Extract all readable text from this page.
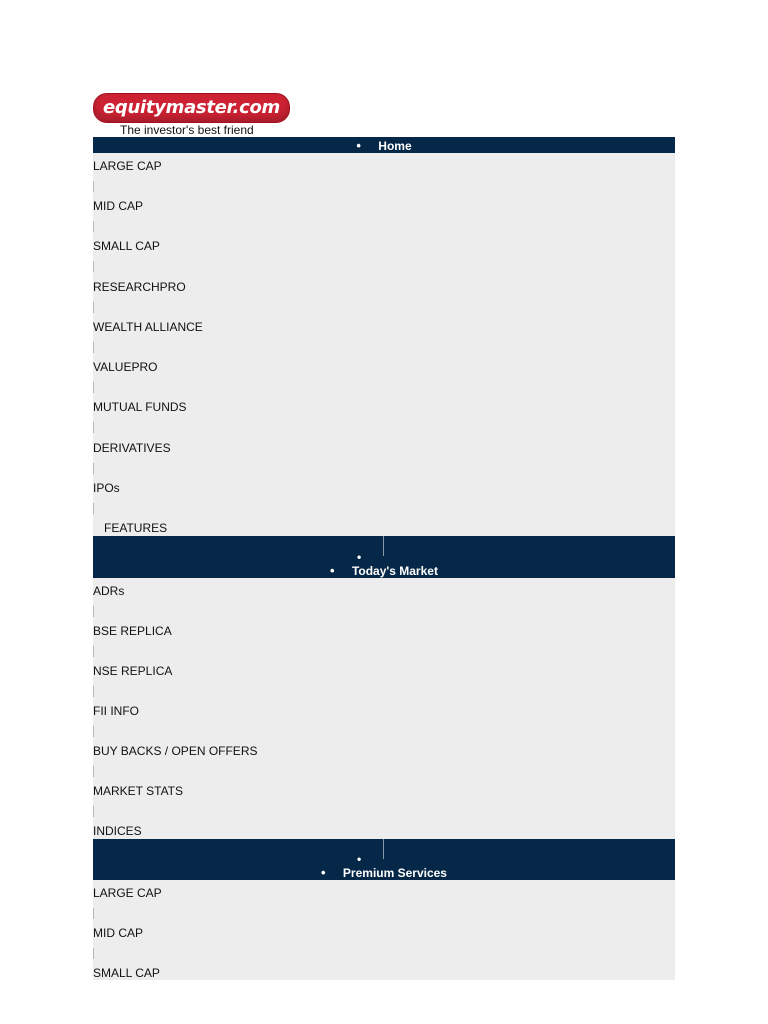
equitymaster.com
The investor's best friend
• Home
LARGE CAP
MID CAP
SMALL CAP
RESEARCHPRO
WEALTH ALLIANCE
VALUEPRO
MUTUAL FUNDS
DERIVATIVES
IPOs
FEATURES
•
• Today's Market
ADRs
BSE REPLICA
NSE REPLICA
FII INFO
BUY BACKS / OPEN OFFERS
MARKET STATS
INDICES
•
• Premium Services
LARGE CAP
MID CAP
SMALL CAP
